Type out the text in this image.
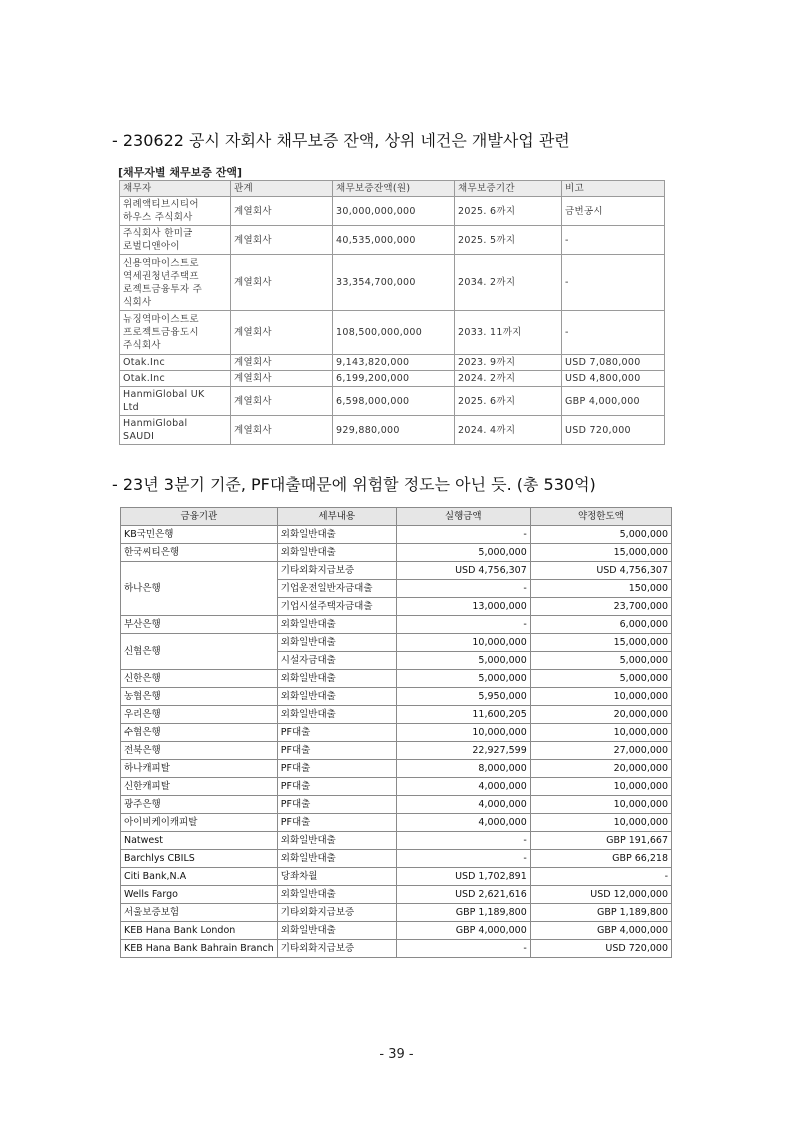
- 230622 공시 자회사 채무보증 잔액, 상위 네건은 개발사업 관련
[채무자별 채무보증 잔액]
채무자	관계	채무보증잔액(원)	채무보증기간	비고
위례액티브시티어
하우스 주식회사	계열회사	30,000,000,000	2025. 6까지	금번공시
주식회사 한미글
로벌디앤아이	계열회사	40,535,000,000	2025. 5까지	-
신용역마이스트로
역세권청년주택프
로젝트금융투자 주
식회사	계열회사	33,354,700,000	2034. 2까지	-
뉴징역마이스트로
프로젝트금융도시
주식회사	계열회사	108,500,000,000	2033. 11까지	-
Otak.Inc	계열회사	9,143,820,000	2023. 9까지	USD 7,080,000
Otak.Inc	계열회사	6,199,200,000	2024. 2까지	USD 4,800,000
HanmiGlobal UK
Ltd	계열회사	6,598,000,000	2025. 6까지	GBP 4,000,000
HanmiGlobal
SAUDI	계열회사	929,880,000	2024. 4까지	USD 720,000
- 23년 3분기 기준, PF대출때문에 위험할 정도는 아닌 듯. (총 530억)
금융기관	세부내용	실행금액	약정한도액
KB국민은행	외화일반대출	-	5,000,000
한국씨티은행	외화일반대출	5,000,000	15,000,000
하나은행	기타외화지급보증	USD 4,756,307	USD 4,756,307
	기업운전일반자금대출	-	150,000
	기업시설주택자금대출	13,000,000	23,700,000
부산은행	외화일반대출	-	6,000,000
신협은행	외화일반대출	10,000,000	15,000,000
	시설자금대출	5,000,000	5,000,000
신한은행	외화일반대출	5,000,000	5,000,000
농협은행	외화일반대출	5,950,000	10,000,000
우리은행	외화일반대출	11,600,205	20,000,000
수협은행	PF대출	10,000,000	10,000,000
전북은행	PF대출	22,927,599	27,000,000
하나캐피탈	PF대출	8,000,000	20,000,000
신한캐피탈	PF대출	4,000,000	10,000,000
광주은행	PF대출	4,000,000	10,000,000
아이비케이캐피탈	PF대출	4,000,000	10,000,000
Natwest	외화일반대출	-	GBP 191,667
Barchlys CBILS	외화일반대출	-	GBP 66,218
Citi Bank,N.A	당좌차월	USD 1,702,891	-
Wells Fargo	외화일반대출	USD 2,621,616	USD 12,000,000
서울보증보험	기타외화지급보증	GBP 1,189,800	GBP 1,189,800
KEB Hana Bank London	외화일반대출	GBP 4,000,000	GBP 4,000,000
KEB Hana Bank Bahrain Branch	기타외화지급보증	-	USD 720,000
- 39 -
